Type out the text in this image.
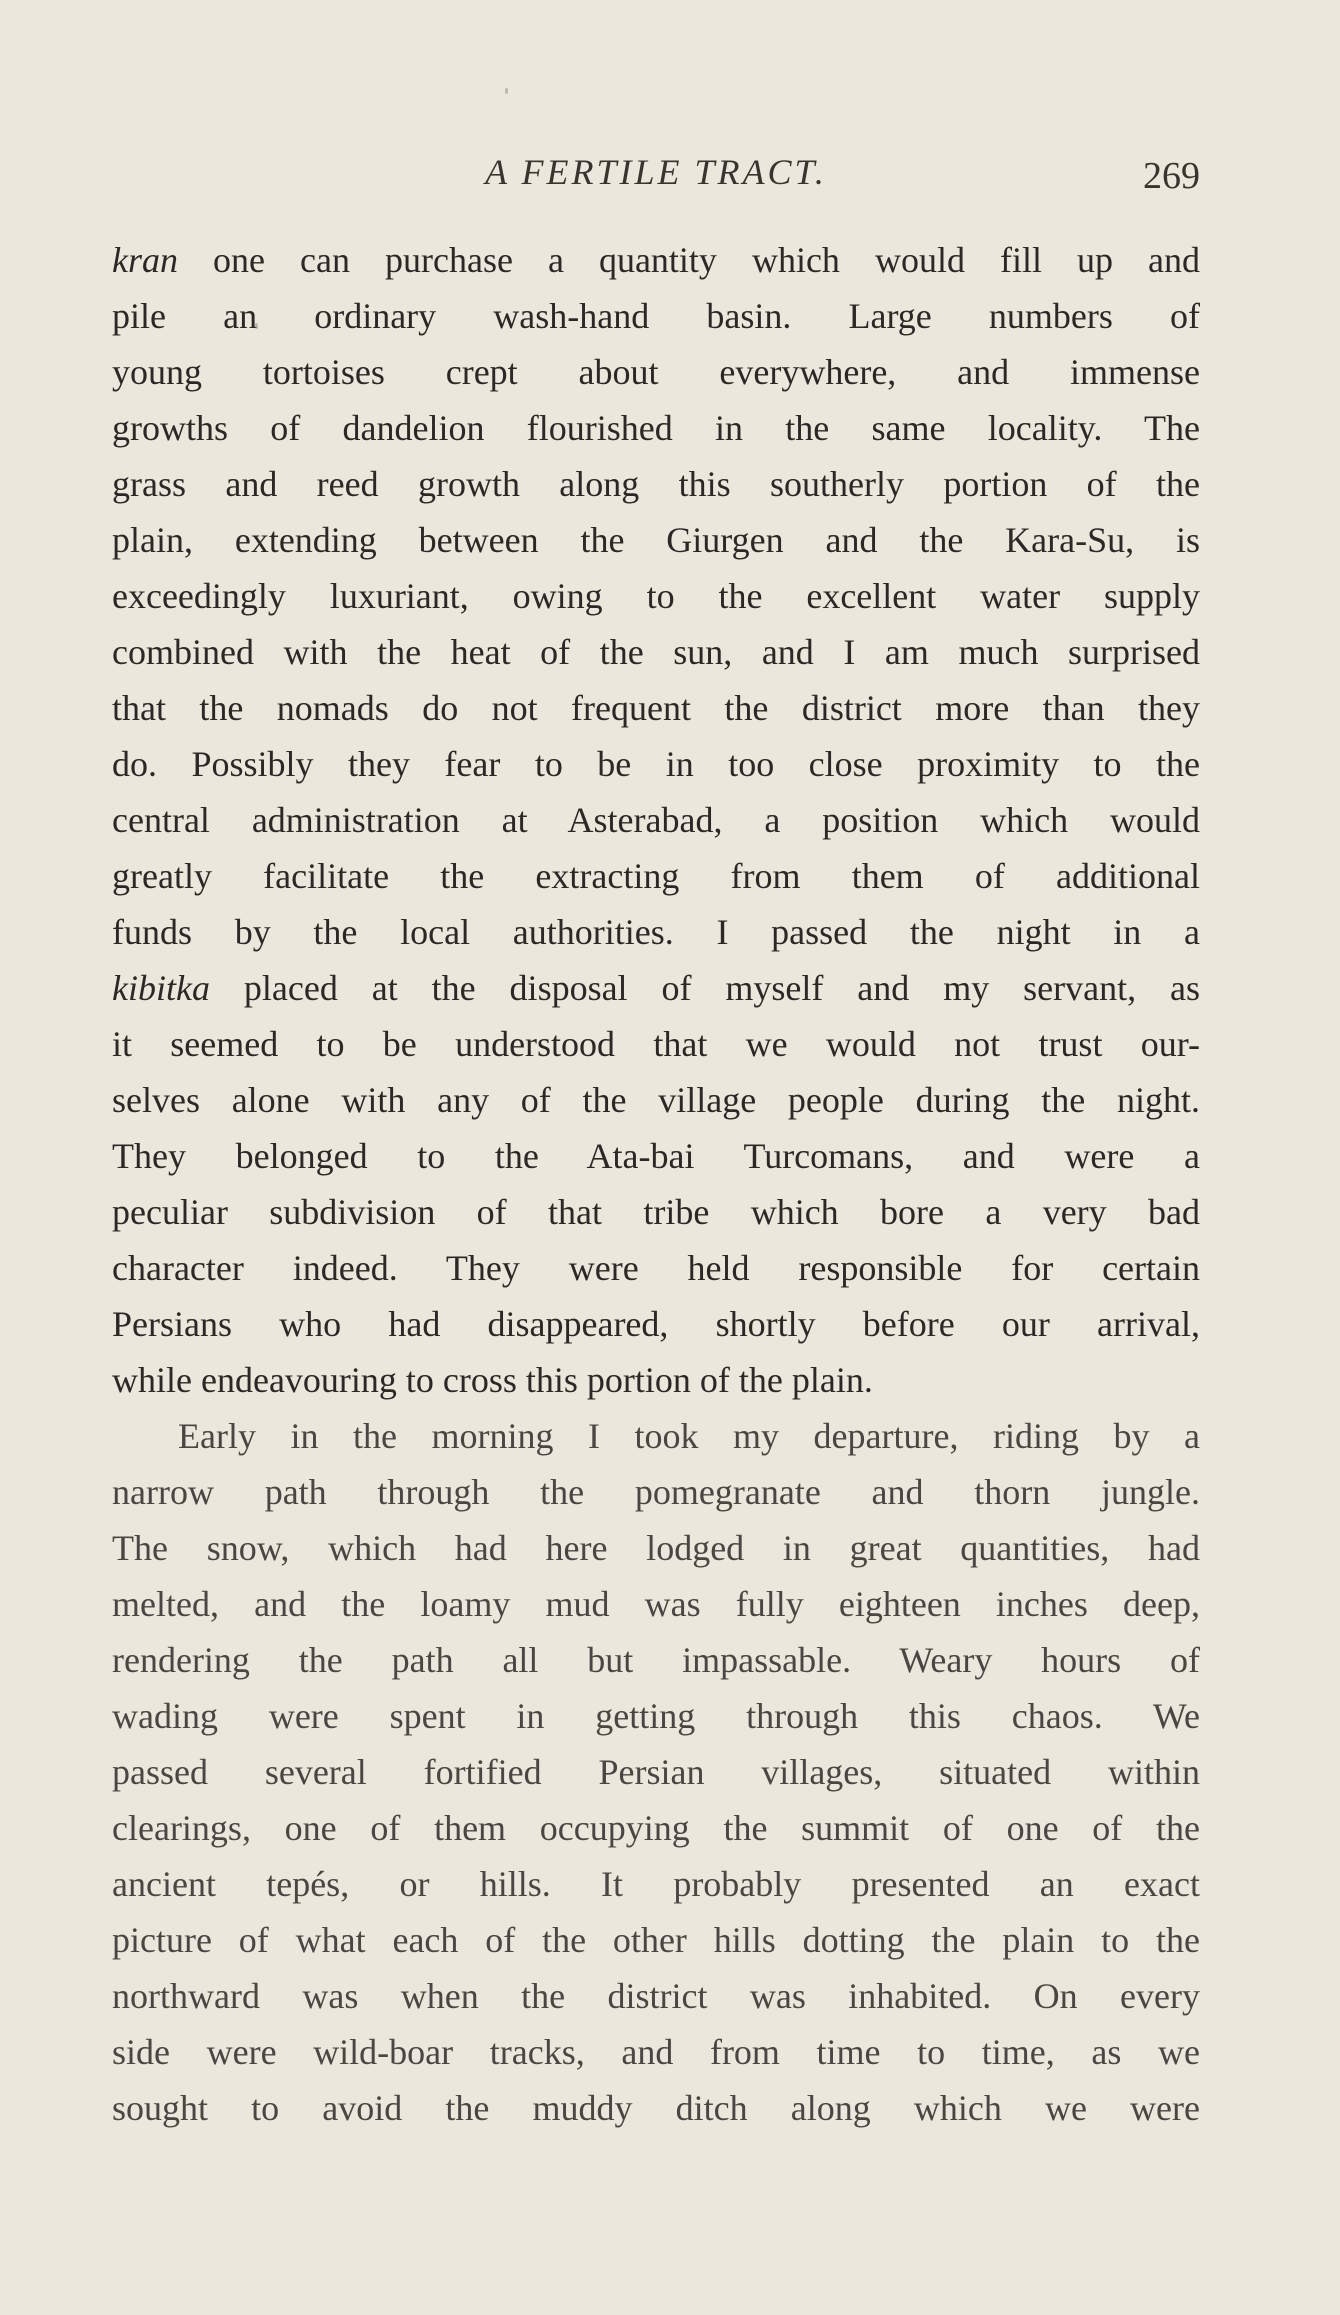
A FERTILE TRACT.	269
kran one can purchase a quantity which would fill up and
pile an ordinary wash-hand basin. Large numbers of
young tortoises crept about everywhere, and immense
growths of dandelion flourished in the same locality. The
grass and reed growth along this southerly portion of the
plain, extending between the Giurgen and the Kara-Su, is
exceedingly luxuriant, owing to the excellent water supply
combined with the heat of the sun, and I am much surprised
that the nomads do not frequent the district more than they
do. Possibly they fear to be in too close proximity to the
central administration at Asterabad, a position which would
greatly facilitate the extracting from them of additional
funds by the local authorities. I passed the night in a
kibitka placed at the disposal of myself and my servant, as
it seemed to be understood that we would not trust our-
selves alone with any of the village people during the night.
They belonged to the Ata-bai Turcomans, and were a
peculiar subdivision of that tribe which bore a very bad
character indeed. They were held responsible for certain
Persians who had disappeared, shortly before our arrival,
while endeavouring to cross this portion of the plain.
Early in the morning I took my departure, riding by a
narrow path through the pomegranate and thorn jungle.
The snow, which had here lodged in great quantities, had
melted, and the loamy mud was fully eighteen inches deep,
rendering the path all but impassable. Weary hours of
wading were spent in getting through this chaos. We
passed several fortified Persian villages, situated within
clearings, one of them occupying the summit of one of the
ancient tepés, or hills. It probably presented an exact
picture of what each of the other hills dotting the plain to the
northward was when the district was inhabited. On every
side were wild-boar tracks, and from time to time, as we
sought to avoid the muddy ditch along which we were
